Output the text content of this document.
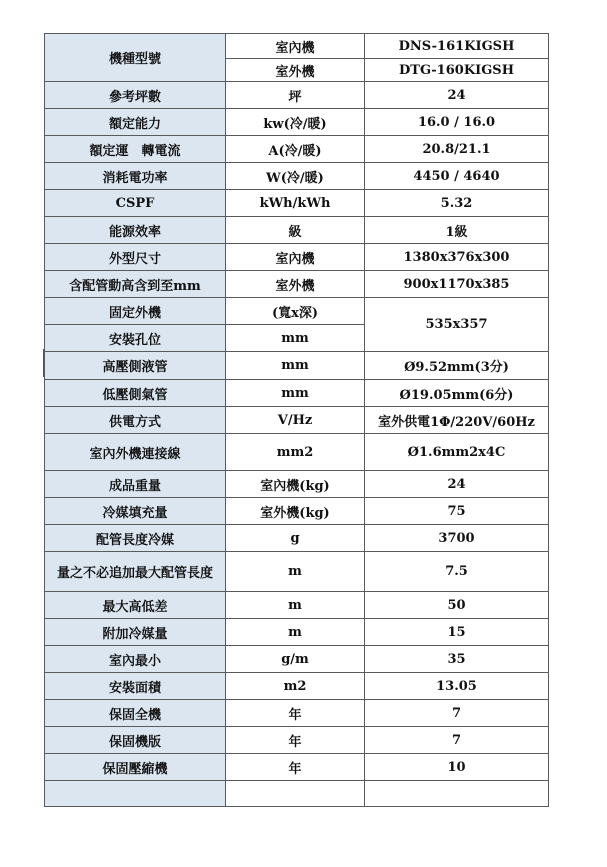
機種型號	室內機	DNS-161KIGSH
	室外機	DTG-160KIGSH
參考坪數	坪	24
額定能力	kw(冷/暖)	16.0 / 16.0
額定運　轉電流	A(冷/暖)	20.8/21.1
消耗電功率	W(冷/暖)	4450 / 4640
CSPF	kWh/kWh	5.32
能源效率	級	1級
外型尺寸	室內機	1380x376x300
含配管動高含到至mm	室外機	900x1170x385
固定外機	(寬x深)	535x357
安裝孔位	mm	
高壓側液管	mm	Ø9.52mm(3分)
低壓側氣管	mm	Ø19.05mm(6分)
供電方式	V/Hz	室外供電1Φ/220V/60Hz
室內外機連接線	mm2	Ø1.6mm2x4C
成品重量	室內機(kg)	24
冷媒填充量	室外機(kg)	75
配管長度冷媒	g	3700
量之不必追加最大配管長度	m	7.5
最大高低差	m	50
附加冷媒量	m	15
室內最小	g/m	35
安裝面積	m2	13.05
保固全機	年	7
保固機版	年	7
保固壓縮機	年	10
